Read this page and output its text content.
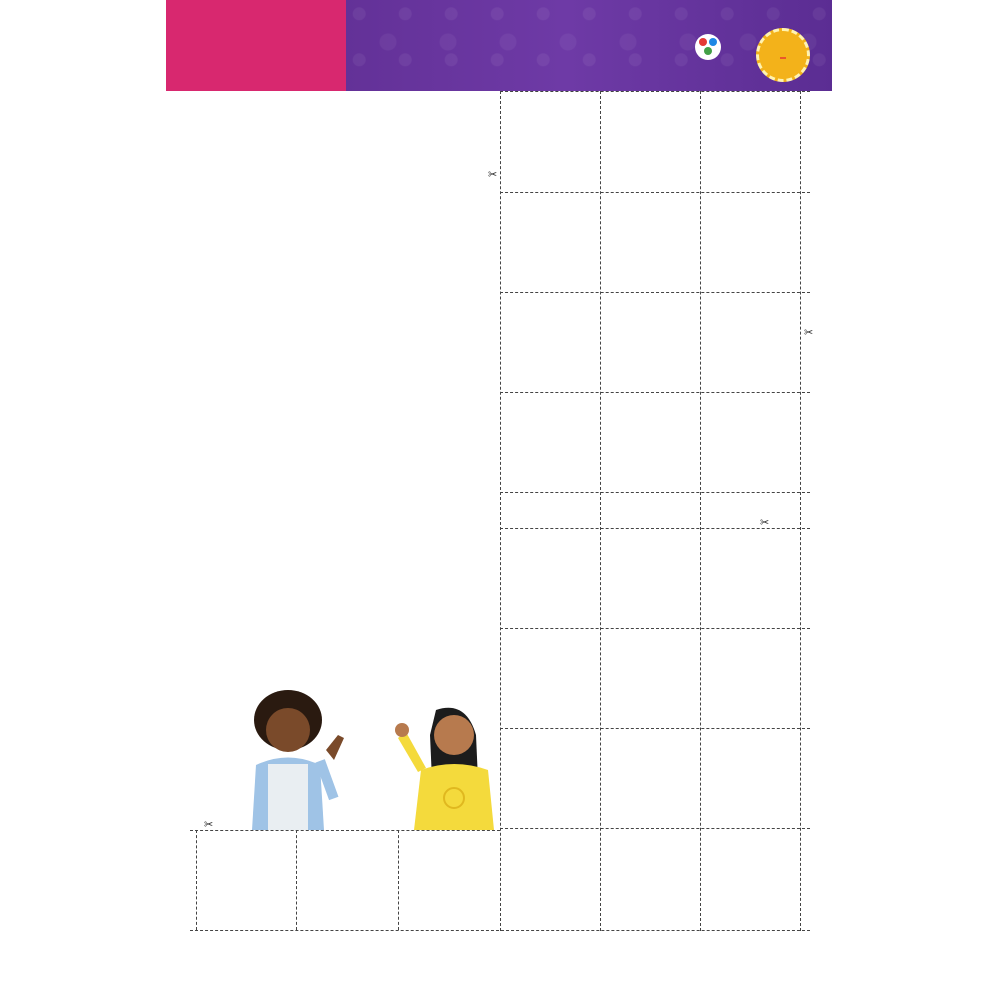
✂
✂
✂
✂
